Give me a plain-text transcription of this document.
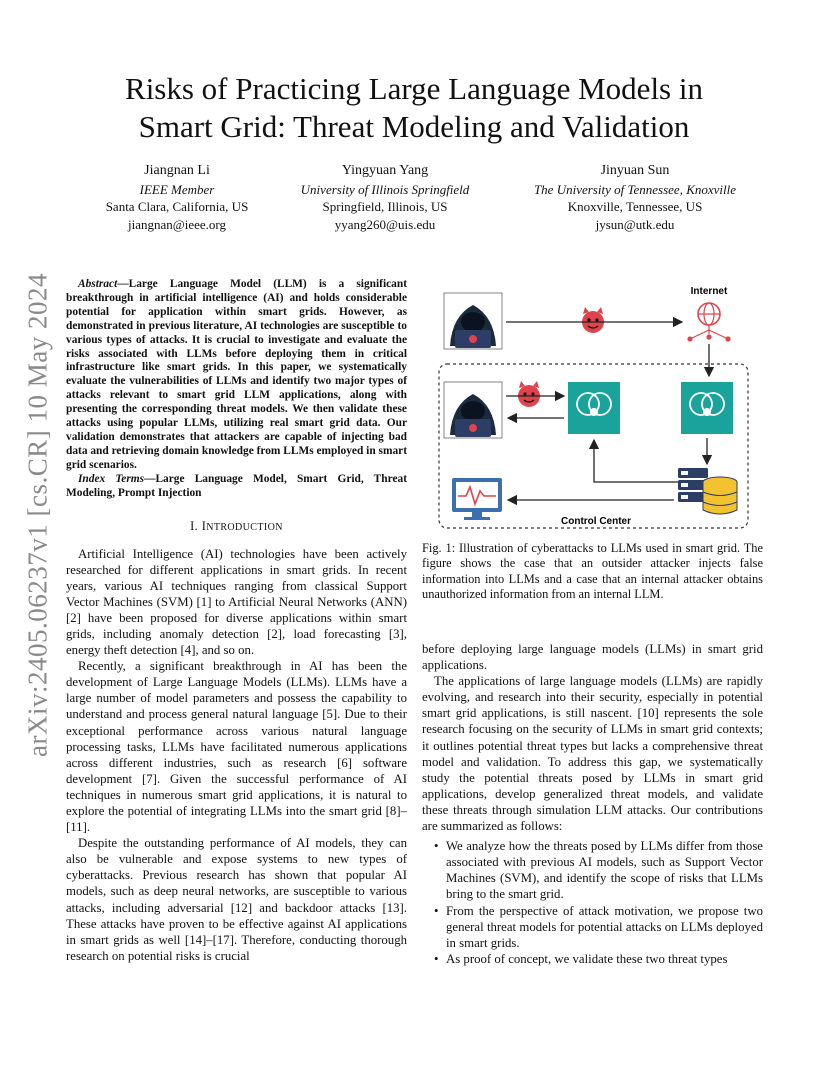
arXiv:2405.06237v1 [cs.CR] 10 May 2024
Risks of Practicing Large Language Models in
Smart Grid: Threat Modeling and Validation
Jiangnan Li
IEEE Member
Santa Clara, California, US
jiangnan@ieee.org
Yingyuan Yang
University of Illinois Springfield
Springfield, Illinois, US
yyang260@uis.edu
Jinyuan Sun
The University of Tennessee, Knoxville
Knoxville, Tennessee, US
jysun@utk.edu

Abstract—Large Language Model (LLM) is a significant breakthrough in artificial intelligence (AI) and holds considerable potential for application within smart grids. However, as demonstrated in previous literature, AI technologies are susceptible to various types of attacks. It is crucial to investigate and evaluate the risks associated with LLMs before deploying them in critical infrastructure like smart grids. In this paper, we systematically evaluate the vulnerabilities of LLMs and identify two major types of attacks relevant to smart grid LLM applications, along with presenting the corresponding threat models. We then validate these attacks using popular LLMs, utilizing real smart grid data. Our validation demonstrates that attackers are capable of injecting bad data and retrieving domain knowledge from LLMs employed in smart grid scenarios.

Index Terms—Large Language Model, Smart Grid, Threat Modeling, Prompt Injection

I. INTRODUCTION

Artificial Intelligence (AI) technologies have been actively researched for different applications in smart grids. In recent years, various AI techniques ranging from classical Support Vector Machines (SVM) [1] to Artificial Neural Networks (ANN) [2] have been proposed for diverse applications within smart grids, including anomaly detection [2], load forecasting [3], energy theft detection [4], and so on.

Recently, a significant breakthrough in AI has been the development of Large Language Models (LLMs). LLMs have a large number of model parameters and possess the capability to understand and process general natural language [5]. Due to their exceptional performance across various natural language processing tasks, LLMs have facilitated numerous applications across different industries, such as research [6] software development [7]. Given the successful performance of AI techniques in numerous smart grid applications, it is natural to explore the potential of integrating LLMs into the smart grid [8]–[11].

Despite the outstanding performance of AI models, they can also be vulnerable and expose systems to new types of cyberattacks. Previous research has shown that popular AI models, such as deep neural networks, are susceptible to various attacks, including adversarial [12] and backdoor attacks [13]. These attacks have proven to be effective against AI applications in smart grids as well [14]–[17]. Therefore, conducting thorough research on potential risks is crucial

Internet
Control Center
Fig. 1: Illustration of cyberattacks to LLMs used in smart grid. The figure shows the case that an outsider attacker injects false information into LLMs and a case that an internal attacker obtains unauthorized information from an internal LLM.

before deploying large language models (LLMs) in smart grid applications.

The applications of large language models (LLMs) are rapidly evolving, and research into their security, especially in potential smart grid applications, is still nascent. [10] represents the sole research focusing on the security of LLMs in smart grid contexts; it outlines potential threat types but lacks a comprehensive threat model and validation. To address this gap, we systematically study the potential threats posed by LLMs in smart grid applications, develop generalized threat models, and validate these threats through simulation LLM attacks. Our contributions are summarized as follows:

• We analyze how the threats posed by LLMs differ from those associated with previous AI models, such as Support Vector Machines (SVM), and identify the scope of risks that LLMs bring to the smart grid.
• From the perspective of attack motivation, we propose two general threat models for potential attacks on LLMs deployed in smart grids.
• As proof of concept, we validate these two threat types
